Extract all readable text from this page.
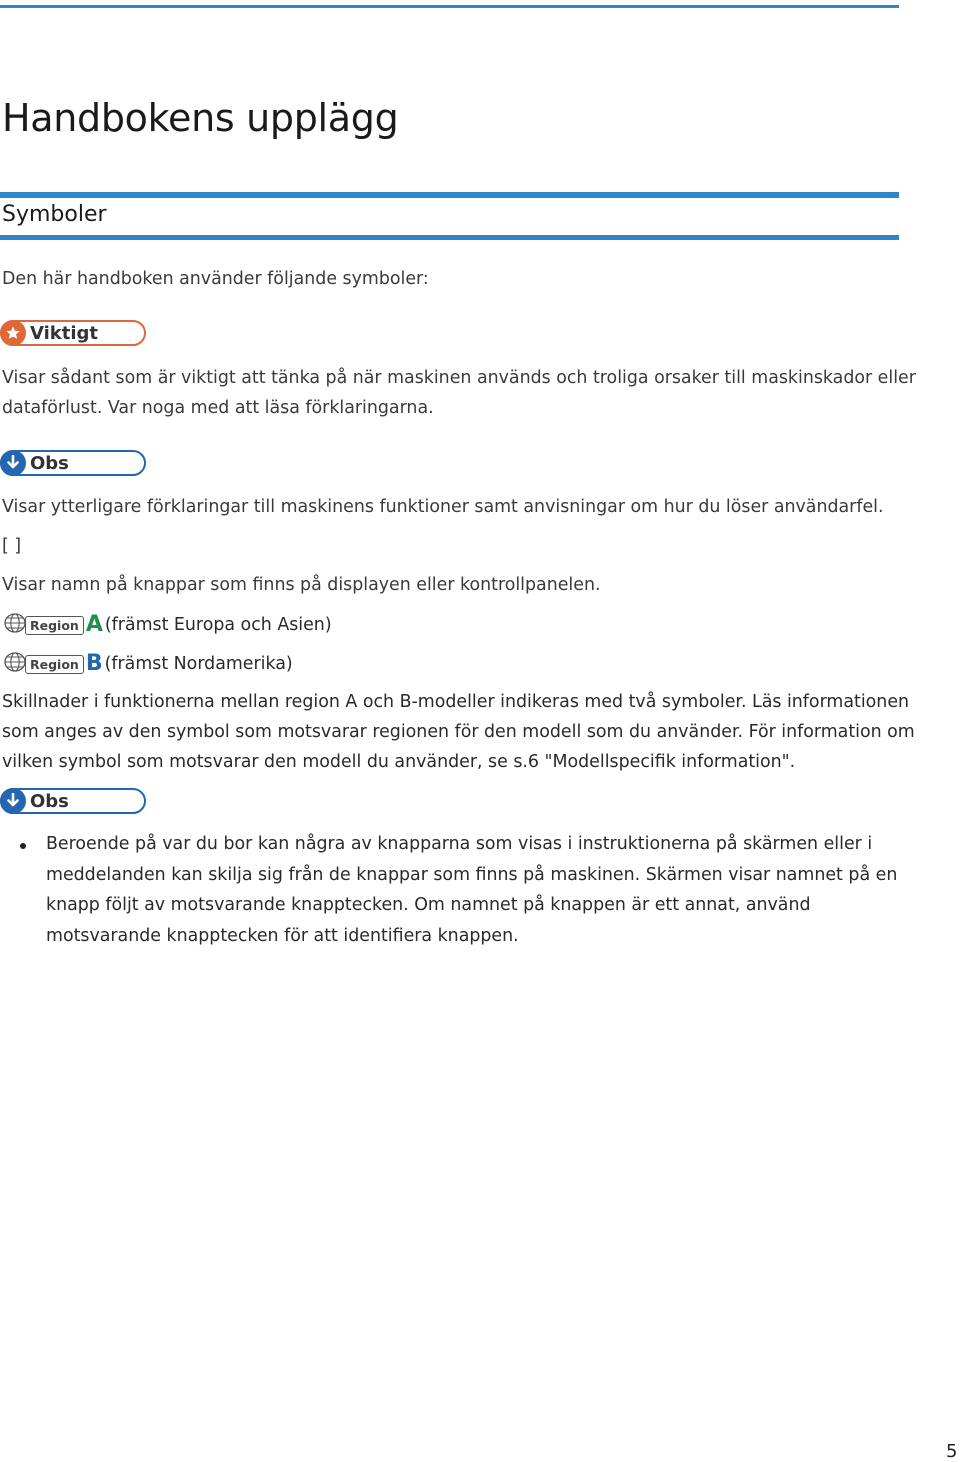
Handbokens upplägg
Symboler
Den här handboken använder följande symboler:
Viktigt
Visar sådant som är viktigt att tänka på när maskinen används och troliga orsaker till maskinskador eller
dataförlust. Var noga med att läsa förklaringarna.
Obs
Visar ytterligare förklaringar till maskinens funktioner samt anvisningar om hur du löser användarfel.
[ ]
Visar namn på knappar som finns på displayen eller kontrollpanelen.
Region A (främst Europa och Asien)
Region B (främst Nordamerika)
Skillnader i funktionerna mellan region A och B-modeller indikeras med två symboler. Läs informationen
som anges av den symbol som motsvarar regionen för den modell som du använder. För information om
vilken symbol som motsvarar den modell du använder, se s.6 "Modellspecifik information".
Obs
Beroende på var du bor kan några av knapparna som visas i instruktionerna på skärmen eller i
meddelanden kan skilja sig från de knappar som finns på maskinen. Skärmen visar namnet på en
knapp följt av motsvarande knapptecken. Om namnet på knappen är ett annat, använd
motsvarande knapptecken för att identifiera knappen.
5
